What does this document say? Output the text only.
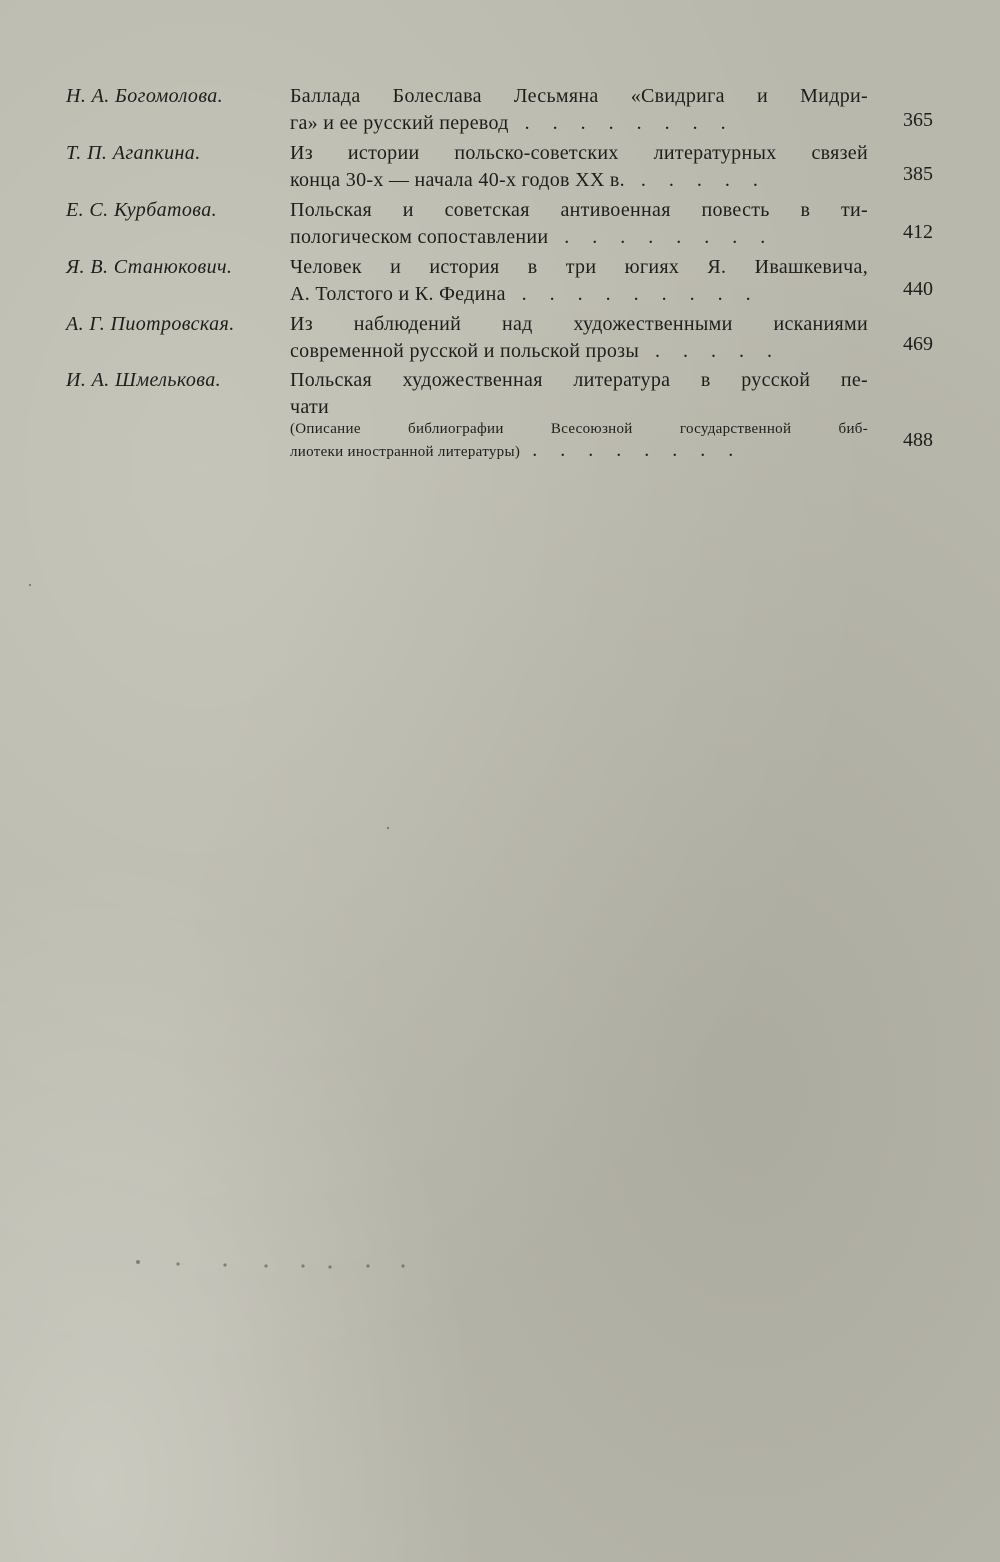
Н. А. Богомолова.	Баллада Болеслава Лесьмяна «Свидрига и Мидри-
га» и ее русский перевод . . . . . . . .	365
Т. П. Агапкина.	Из истории польско-советских литературных связей
конца 30-х — начала 40-х годов XX в. . . . . .	385
Е. С. Курбатова.	Польская и советская антивоенная повесть в ти-
пологическом сопоставлении . . . . . . . .	412
Я. В. Станюкович.	Человек и история в три югиях Я. Ивашкевича,
А. Толстого и К. Федина . . . . . . . . .	440
А. Г. Пиотровская.	Из наблюдений над художественными исканиями
современной русской и польской прозы . . . . .	469
И. А. Шмелькова.	Польская художественная литература в русской пе-
чати
(Описание библиографии Всесоюзной государственной биб-
лиотеки иностранной литературы) . . . . . . . .	488
